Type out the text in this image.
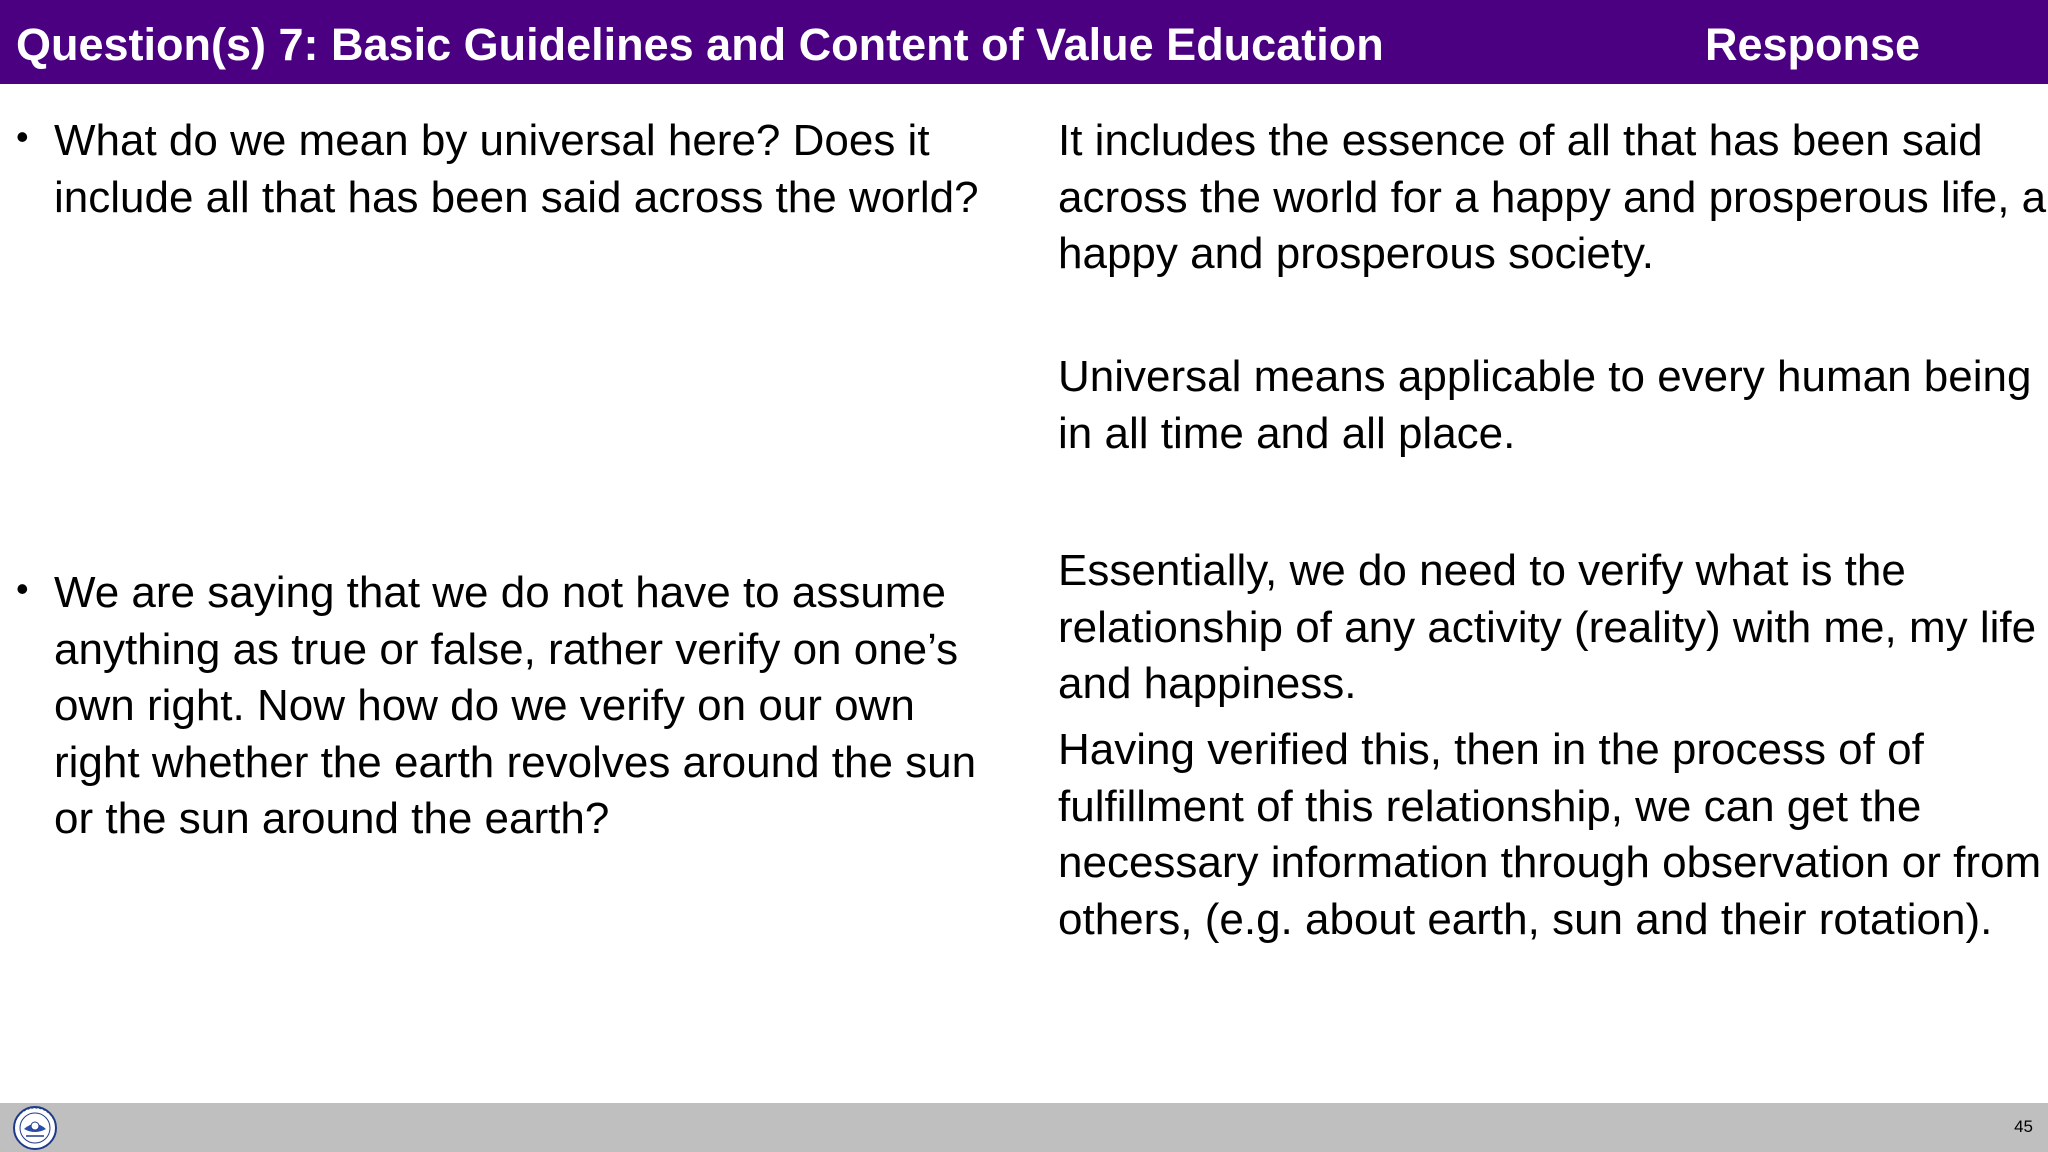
Question(s) 7: Basic Guidelines and Content of Value Education	Response
• What do we mean by universal here? Does it include all that has been said across the world?
• We are saying that we do not have to assume anything as true or false, rather verify on one’s own right. Now how do we verify on our own right whether the earth revolves around the sun or the sun around the earth?
It includes the essence of all that has been said across the world for a happy and prosperous life, a happy and prosperous society.
Universal means applicable to every human being in all time and all place.
Essentially, we do need to verify what is the relationship of any activity (reality) with me, my life and happiness.
Having verified this, then in the process of of fulfillment of this relationship, we can get the necessary information through observation or from others, (e.g. about earth, sun and their rotation).
45
